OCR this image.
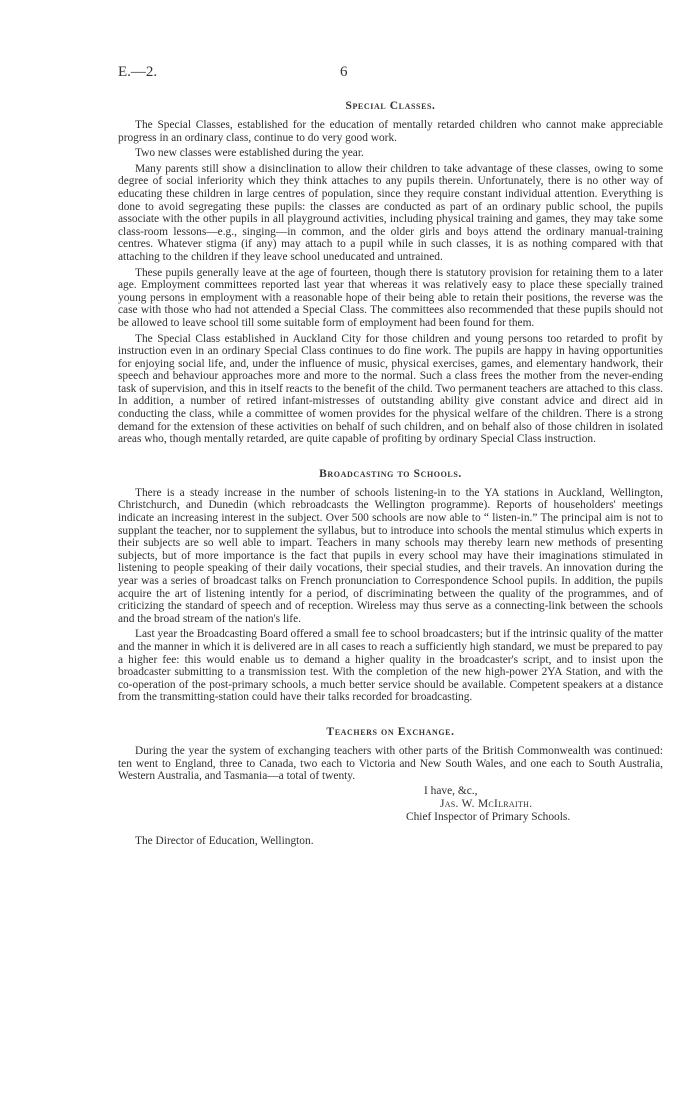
E.—2.	6
Special Classes.

The Special Classes, established for the education of mentally retarded children who cannot make appreciable progress in an ordinary class, continue to do very good work.

Two new classes were established during the year.

Many parents still show a disinclination to allow their children to take advantage of these classes, owing to some degree of social inferiority which they think attaches to any pupils therein. Unfortunately, there is no other way of educating these children in large centres of population, since they require constant individual attention. Everything is done to avoid segregating these pupils: the classes are conducted as part of an ordinary public school, the pupils associate with the other pupils in all playground activities, including physical training and games, they may take some class-room lessons—e.g., singing—in common, and the older girls and boys attend the ordinary manual-training centres. Whatever stigma (if any) may attach to a pupil while in such classes, it is as nothing compared with that attaching to the children if they leave school uneducated and untrained.

These pupils generally leave at the age of fourteen, though there is statutory provision for retaining them to a later age. Employment committees reported last year that whereas it was relatively easy to place these specially trained young persons in employment with a reasonable hope of their being able to retain their positions, the reverse was the case with those who had not attended a Special Class. The committees also recommended that these pupils should not be allowed to leave school till some suitable form of employment had been found for them.

The Special Class established in Auckland City for those children and young persons too retarded to profit by instruction even in an ordinary Special Class continues to do fine work. The pupils are happy in having opportunities for enjoying social life, and, under the influence of music, physical exercises, games, and elementary handwork, their speech and behaviour approaches more and more to the normal. Such a class frees the mother from the never-ending task of supervision, and this in itself reacts to the benefit of the child. Two permanent teachers are attached to this class. In addition, a number of retired infant-mistresses of outstanding ability give constant advice and direct aid in conducting the class, while a committee of women provides for the physical welfare of the children. There is a strong demand for the extension of these activities on behalf of such children, and on behalf also of those children in isolated areas who, though mentally retarded, are quite capable of profiting by ordinary Special Class instruction.

Broadcasting to Schools.

There is a steady increase in the number of schools listening-in to the YA stations in Auckland, Wellington, Christchurch, and Dunedin (which rebroadcasts the Wellington programme). Reports of householders' meetings indicate an increasing interest in the subject. Over 500 schools are now able to “ listen-in.” The principal aim is not to supplant the teacher, nor to supplement the syllabus, but to introduce into schools the mental stimulus which experts in their subjects are so well able to impart. Teachers in many schools may thereby learn new methods of presenting subjects, but of more importance is the fact that pupils in every school may have their imaginations stimulated in listening to people speaking of their daily vocations, their special studies, and their travels. An innovation during the year was a series of broadcast talks on French pronunciation to Correspondence School pupils. In addition, the pupils acquire the art of listening intently for a period, of discriminating between the quality of the programmes, and of criticizing the standard of speech and of reception. Wireless may thus serve as a connecting-link between the schools and the broad stream of the nation's life.

Last year the Broadcasting Board offered a small fee to school broadcasters; but if the intrinsic quality of the matter and the manner in which it is delivered are in all cases to reach a sufficiently high standard, we must be prepared to pay a higher fee: this would enable us to demand a higher quality in the broadcaster's script, and to insist upon the broadcaster submitting to a transmission test. With the completion of the new high-power 2YA Station, and with the co-operation of the post-primary schools, a much better service should be available. Competent speakers at a distance from the transmitting-station could have their talks recorded for broadcasting.

Teachers on Exchange.

During the year the system of exchanging teachers with other parts of the British Commonwealth was continued: ten went to England, three to Canada, two each to Victoria and New South Wales, and one each to South Australia, Western Australia, and Tasmania—a total of twenty.

I have, &c.,
Jas. W. McIlraith.
Chief Inspector of Primary Schools.
The Director of Education, Wellington.
